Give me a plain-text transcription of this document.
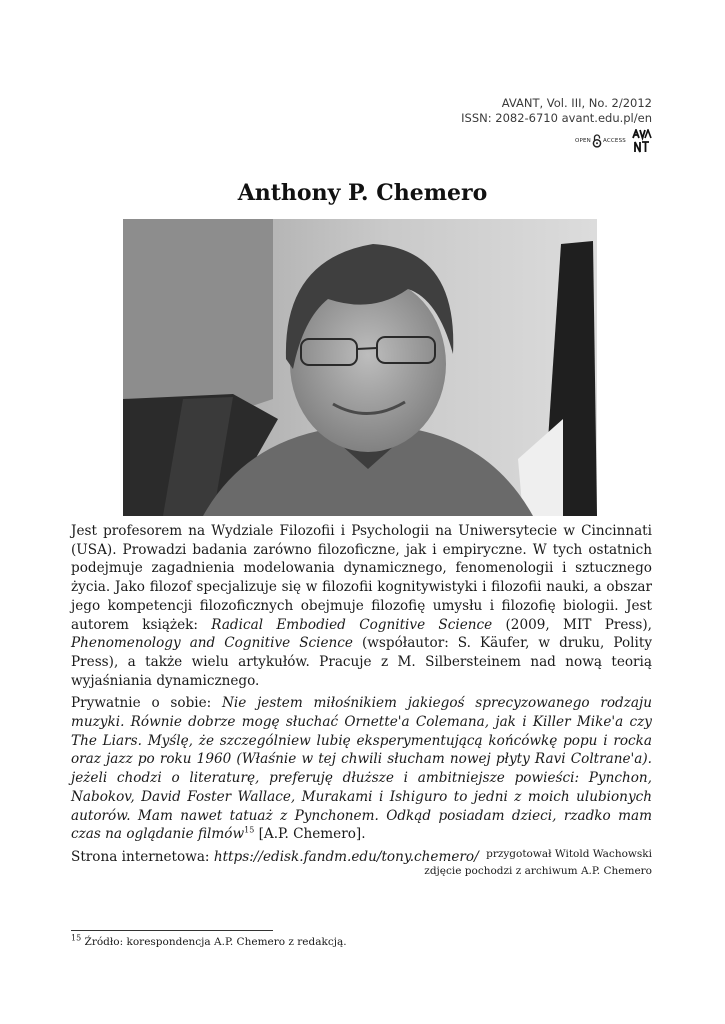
AVANT, Vol. III, No. 2/2012
ISSN: 2082-6710 avant.edu.pl/en
OPEN ACCESS
Anthony P. Chemero

Jest profesorem na Wydziale Filozofii i Psychologii na Uniwersytecie w Cincinnati (USA). Prowadzi badania zarówno filozoficzne, jak i empiryczne. W tych ostatnich podejmuje zagadnienia modelowania dynamicznego, fenomenologii i sztucznego życia. Jako filozof specjalizuje się w filozofii kognitywistyki i filozofii nauki, a obszar jego kompetencji filozoficznych obejmuje filozofię umysłu i filozofię biologii. Jest autorem książek: Radical Embodied Cognitive Science (2009, MIT Press), Phenomenology and Cognitive Science (współautor: S. Käufer, w druku, Polity Press), a także wielu artykułów. Pracuje z M. Silbersteinem nad nową teorią wyjaśniania dynamicznego.

Prywatnie o sobie: Nie jestem miłośnikiem jakiegoś sprecyzowanego rodzaju muzyki. Równie dobrze mogę słuchać Ornette'a Colemana, jak i Killer Mike'a czy The Liars. Myślę, że szczególniew lubię eksperymentującą końcówkę popu i rocka oraz jazz po roku 1960 (Właśnie w tej chwili słucham nowej płyty Ravi Coltrane'a). jeżeli chodzi o literaturę, preferuję dłuższe i ambitniejsze powieści: Pynchon, Nabokov, David Foster Wallace, Murakami i Ishiguro to jedni z moich ulubionych autorów. Mam nawet tatuaż z Pynchonem. Odkąd posiadam dzieci, rzadko mam czas na oglądanie filmów$^{15}$ [A.P. Chemero].

Strona internetowa: https://edisk.fandm.edu/tony.chemero/ przygotował Witold Wachowski
zdjęcie pochodzi z archiwum A.P. Chemero
$^{15}$ Źródło: korespondencja A.P. Chemero z redakcją.
